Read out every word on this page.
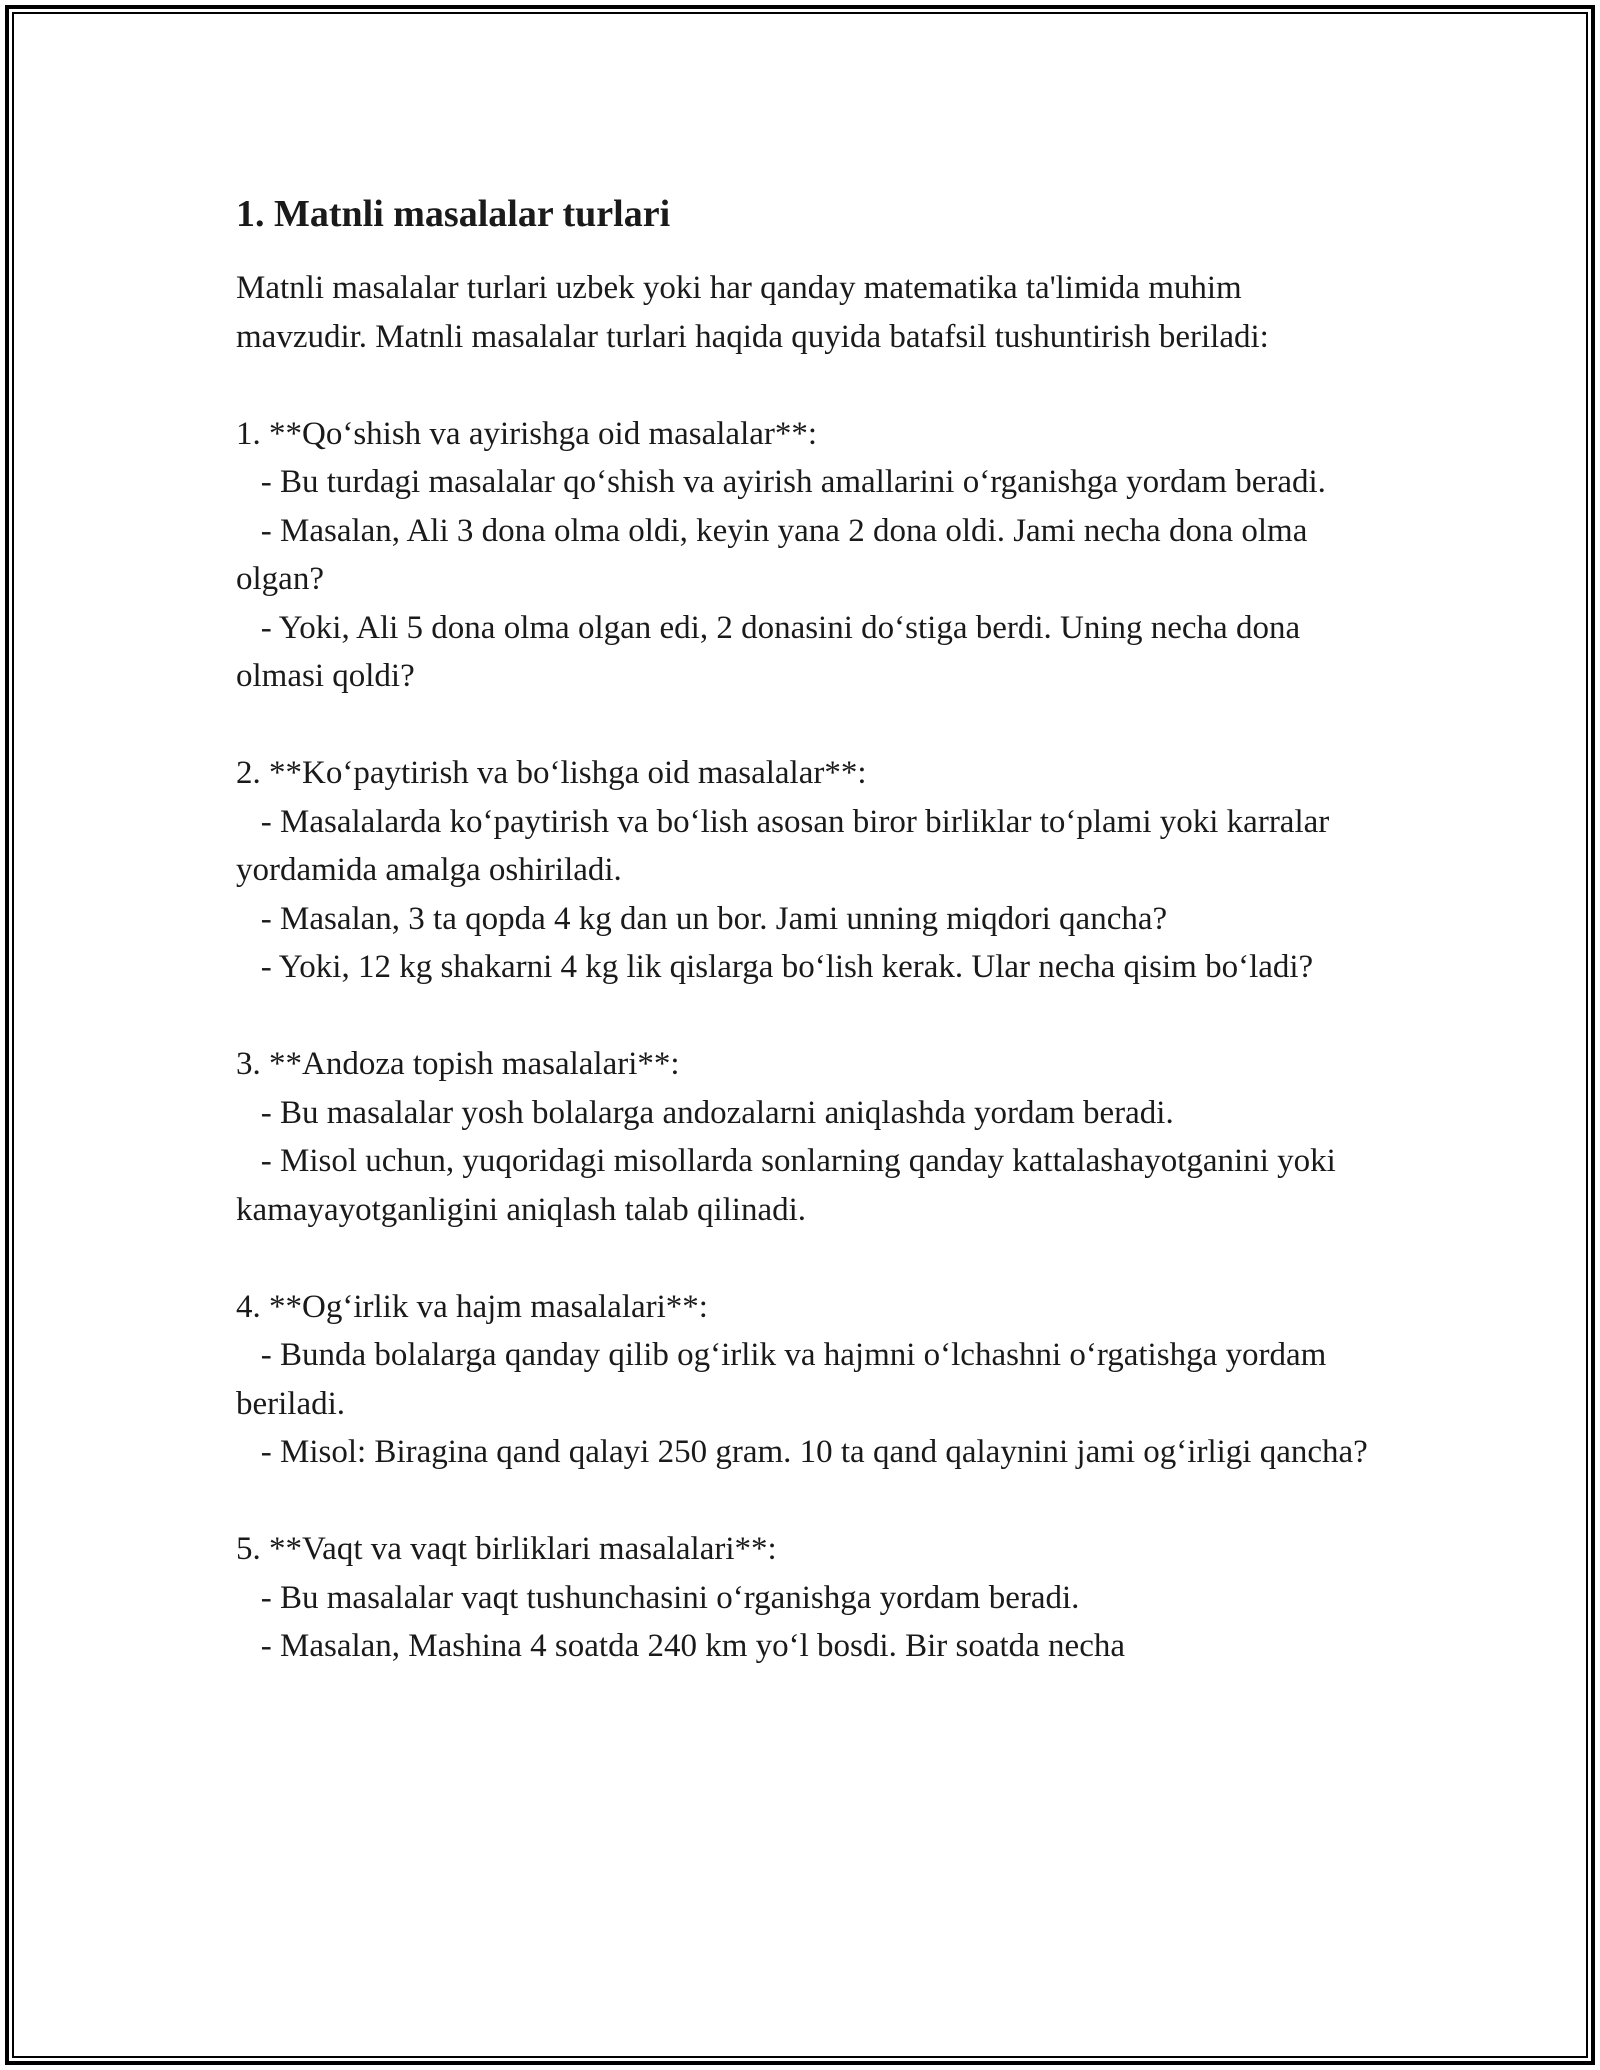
1. Matnli masalalar turlari

Matnli masalalar turlari uzbek yoki har qanday matematika ta'limida muhim mavzudir. Matnli masalalar turlari haqida quyida batafsil tushuntirish beriladi:

1. **Qo‘shish va ayirishga oid masalalar**:

- Bu turdagi masalalar qo‘shish va ayirish amallarini o‘rganishga yordam beradi.

- Masalan, Ali 3 dona olma oldi, keyin yana 2 dona oldi. Jami necha dona olma olgan?

- Yoki, Ali 5 dona olma olgan edi, 2 donasini do‘stiga berdi. Uning necha dona olmasi qoldi?

2. **Ko‘paytirish va bo‘lishga oid masalalar**:

- Masalalarda ko‘paytirish va bo‘lish asosan biror birliklar to‘plami yoki karralar yordamida amalga oshiriladi.

- Masalan, 3 ta qopda 4 kg dan un bor. Jami unning miqdori qancha?

- Yoki, 12 kg shakarni 4 kg lik qislarga bo‘lish kerak. Ular necha qisim bo‘ladi?

3. **Andoza topish masalalari**:

- Bu masalalar yosh bolalarga andozalarni aniqlashda yordam beradi.

- Misol uchun, yuqoridagi misollarda sonlarning qanday kattalashayotganini yoki kamayayotganligini aniqlash talab qilinadi.

4. **Og‘irlik va hajm masalalari**:

- Bunda bolalarga qanday qilib og‘irlik va hajmni o‘lchashni o‘rgatishga yordam beriladi.

- Misol: Biragina qand qalayi 250 gram. 10 ta qand qalaynini jami og‘irligi qancha?

5. **Vaqt va vaqt birliklari masalalari**:

- Bu masalalar vaqt tushunchasini o‘rganishga yordam beradi.

- Masalan, Mashina 4 soatda 240 km yo‘l bosdi. Bir soatda necha
